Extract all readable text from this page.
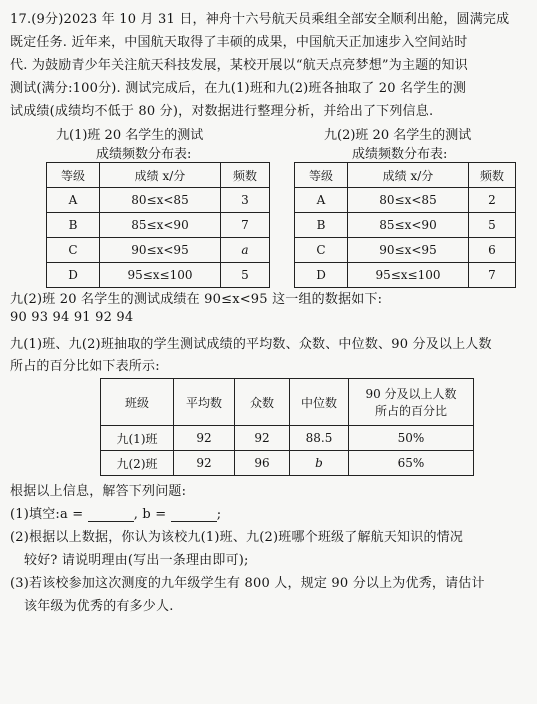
17.(9分)2023 年 10 月 31 日，神舟十六号航天员乘组全部安全顺利出舱，圆满完成
既定任务. 近年来，中国航天取得了丰硕的成果，中国航天正加速步入空间站时
代. 为鼓励青少年关注航天科技发展，某校开展以“航天点亮梦想”为主题的知识
测试(满分:100分). 测试完成后，在九(1)班和九(2)班各抽取了 20 名学生的测
试成绩(成绩均不低于 80 分)，对数据进行整理分析，并给出了下列信息.
九(1)班 20 名学生的测试
成绩频数分布表:
九(2)班 20 名学生的测试
成绩频数分布表:
等级	成绩 x/分	频数
A	80≤x<85	3
B	85≤x<90	7
C	90≤x<95	a
D	95≤x≤100	5
等级	成绩 x/分	频数
A	80≤x<85	2
B	85≤x<90	5
C	90≤x<95	6
D	95≤x≤100	7
九(2)班 20 名学生的测试成绩在 90≤x<95 这一组的数据如下:
90 93 94 91 92 94
九(1)班、九(2)班抽取的学生测试成绩的平均数、众数、中位数、90 分及以上人数
所占的百分比如下表所示:
班级	平均数	众数	中位数	90 分及以上人数
所占的百分比

九(1)班	92	92	88.5	50%
九(2)班	92	96	b	65%
根据以上信息，解答下列问题:
(1)填空:a =	, b =	;
(2)根据以上数据，你认为该校九(1)班、九(2)班哪个班级了解航天知识的情况
较好? 请说明理由(写出一条理由即可);
(3)若该校参加这次测度的九年级学生有 800 人，规定 90 分以上为优秀，请估计
该年级为优秀的有多少人.
